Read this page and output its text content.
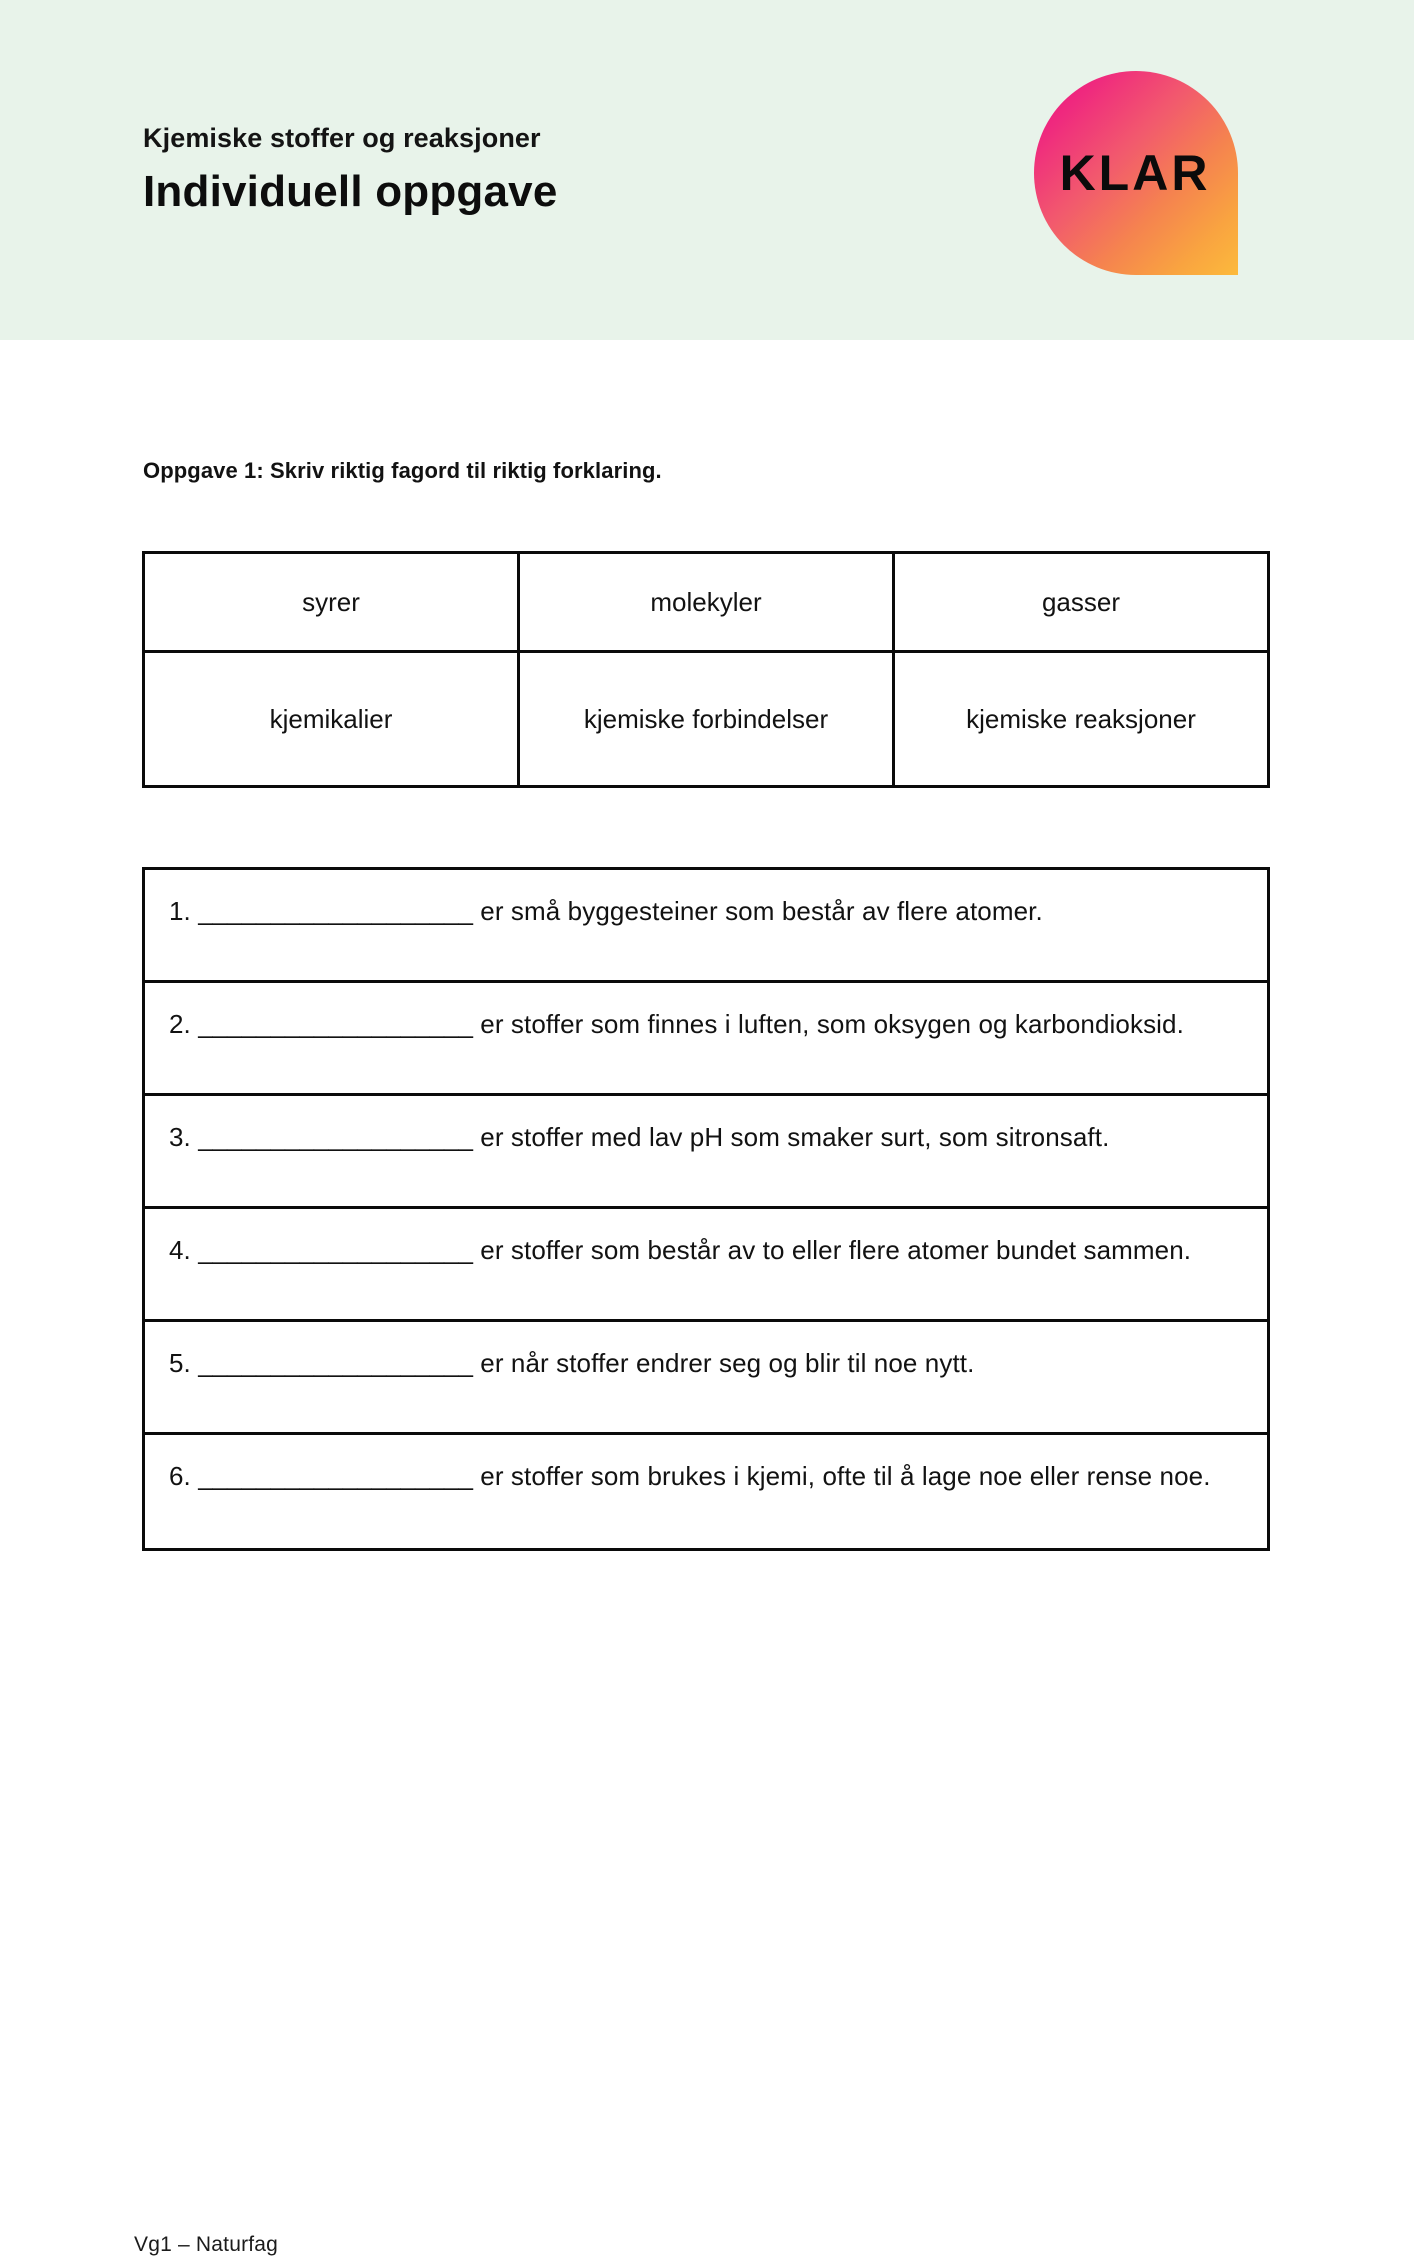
Kjemiske stoffer og reaksjoner
Individuell oppgave	KLAR
Oppgave 1: Skriv riktig fagord til riktig forklaring.
syrer	molekyler	gasser
kjemikalier	kjemiske forbindelser	kjemiske reaksjoner
1. ___________________ er små byggesteiner som består av flere atomer.
2. ___________________ er stoffer som finnes i luften, som oksygen og karbondioksid.
3. ___________________ er stoffer med lav pH som smaker surt, som sitronsaft.
4. ___________________ er stoffer som består av to eller flere atomer bundet sammen.
5. ___________________ er når stoffer endrer seg og blir til noe nytt.
6. ___________________ er stoffer som brukes i kjemi, ofte til å lage noe eller rense noe.
Vg1 – Naturfag
